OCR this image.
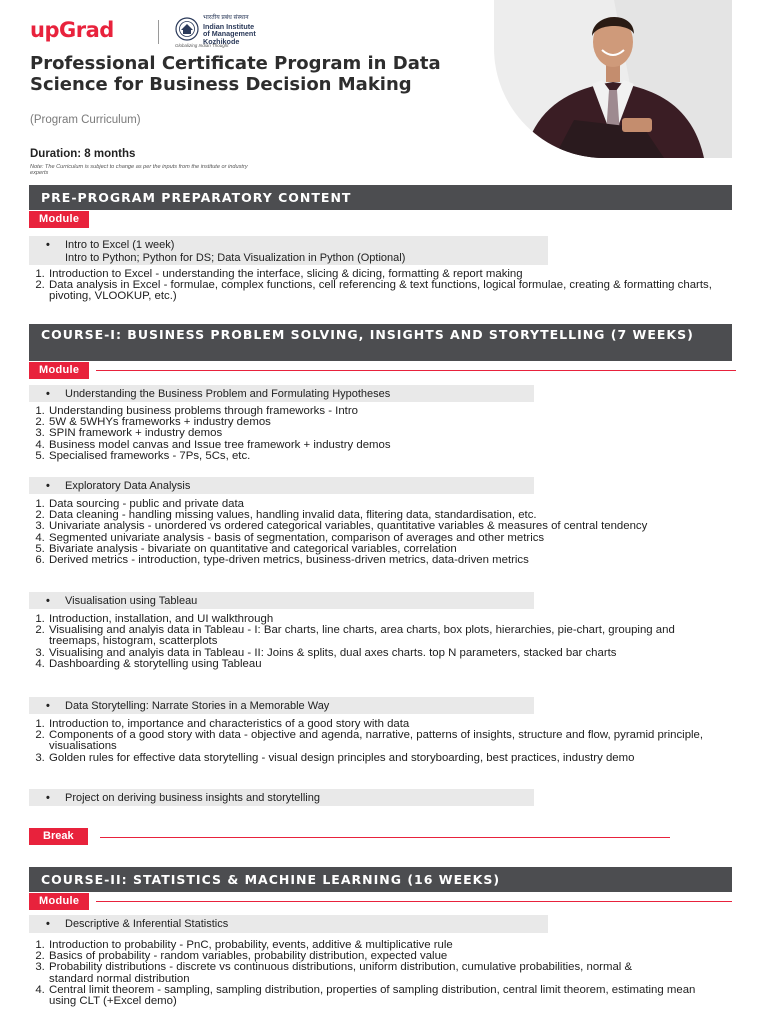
upGrad	भारतीय प्रबंध संस्थान
Indian Institute
of Management
Kozhikode
Globalizing Indian Thought
Professional Certificate Program in Data Science for Business Decision Making
(Program Curriculum)
Duration: 8 months
Note: The Curriculum is subject to change as per the inputs from the institute or industry experts
PRE-PROGRAM PREPARATORY CONTENT
Module
• Intro to Excel (1 week)
Intro to Python; Python for DS; Data Visualization in Python (Optional)
1. Introduction to Excel - understanding the interface, slicing & dicing, formatting & report making
2. Data analysis in Excel - formulae, complex functions, cell referencing & text functions, logical formulae, creating & formatting charts, pivoting, VLOOKUP, etc.)
COURSE-I: BUSINESS PROBLEM SOLVING, INSIGHTS AND STORYTELLING (7 WEEKS)
Module
• Understanding the Business Problem and Formulating Hypotheses
1. Understanding business problems through frameworks - Intro
2. 5W & 5WHYs frameworks + industry demos
3. SPIN framework + industry demos
4. Business model canvas and Issue tree framework + industry demos
5. Specialised frameworks - 7Ps, 5Cs, etc.
• Exploratory Data Analysis
1. Data sourcing - public and private data
2. Data cleaning - handling missing values, handling invalid data, flitering data, standardisation, etc.
3. Univariate analysis - unordered vs ordered categorical variables, quantitative variables & measures of central tendency
4. Segmented univariate analysis - basis of segmentation, comparison of averages and other metrics
5. Bivariate analysis - bivariate on quantitative and categorical variables, correlation
6. Derived metrics - introduction, type-driven metrics, business-driven metrics, data-driven metrics
• Visualisation using Tableau
1. Introduction, installation, and UI walkthrough
2. Visualising and analyis data in Tableau - I: Bar charts, line charts, area charts, box plots, hierarchies, pie-chart, grouping and treemaps, histogram, scatterplots
3. Visualising and analyis data in Tableau - II: Joins & splits, dual axes charts. top N parameters, stacked bar charts
4. Dashboarding & storytelling using Tableau
• Data Storytelling: Narrate Stories in a Memorable Way
1. Introduction to, importance and characteristics of a good story with data
2. Components of a good story with data - objective and agenda, narrative, patterns of insights, structure and flow, pyramid principle, visualisations
3. Golden rules for effective data storytelling - visual design principles and storyboarding, best practices, industry demo
• Project on deriving business insights and storytelling
Break
COURSE-II: STATISTICS & MACHINE LEARNING (16 WEEKS)
Module
• Descriptive & Inferential Statistics
1. Introduction to probability - PnC, probability, events, additive & multiplicative rule
2. Basics of probability - random variables, probability distribution, expected value
3. Probability distributions - discrete vs continuous distributions, uniform distribution, cumulative probabilities, normal & standard normal distribution
4. Central limit theorem - sampling, sampling distribution, properties of sampling distribution, central limit theorem, estimating mean using CLT (+Excel demo)
